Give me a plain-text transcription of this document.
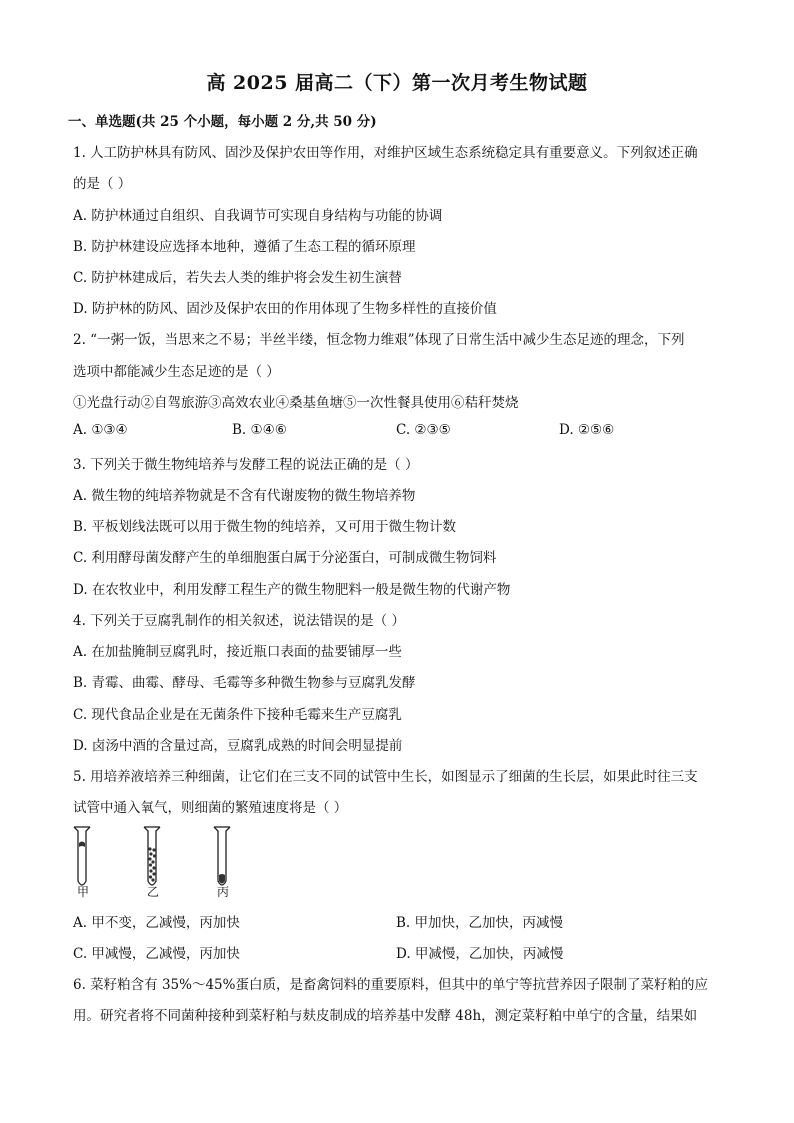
高 2025 届高二（下）第一次月考生物试题
一、单选题(共 25 个小题，每小题 2 分,共 50 分)
1. 人工防护林具有防风、固沙及保护农田等作用，对维护区域生态系统稳定具有重要意义。下列叙述正确
的是（ ）
A. 防护林通过自组织、自我调节可实现自身结构与功能的协调
B. 防护林建设应选择本地种，遵循了生态工程的循环原理
C. 防护林建成后，若失去人类的维护将会发生初生演替
D. 防护林的防风、固沙及保护农田的作用体现了生物多样性的直接价值
2. “一粥一饭，当思来之不易；半丝半缕，恒念物力维艰”体现了日常生活中减少生态足迹的理念，下列
选项中都能减少生态足迹的是（ ）
①光盘行动②自驾旅游③高效农业④桑基鱼塘⑤一次性餐具使用⑥秸秆焚烧
A. ①③④	B. ①④⑥	C. ②③⑤	D. ②⑤⑥
3. 下列关于微生物纯培养与发酵工程的说法正确的是（ ）
A. 微生物的纯培养物就是不含有代谢废物的微生物培养物
B. 平板划线法既可以用于微生物的纯培养，又可用于微生物计数
C. 利用酵母菌发酵产生的单细胞蛋白属于分泌蛋白，可制成微生物饲料
D. 在农牧业中，利用发酵工程生产的微生物肥料一般是微生物的代谢产物
4. 下列关于豆腐乳制作的相关叙述，说法错误的是（ ）
A. 在加盐腌制豆腐乳时，接近瓶口表面的盐要铺厚一些
B. 青霉、曲霉、酵母、毛霉等多种微生物参与豆腐乳发酵
C. 现代食品企业是在无菌条件下接种毛霉来生产豆腐乳
D. 卤汤中酒的含量过高，豆腐乳成熟的时间会明显提前
5. 用培养液培养三种细菌，让它们在三支不同的试管中生长，如图显示了细菌的生长层，如果此时往三支
试管中通入氧气，则细菌的繁殖速度将是（ ）
甲	乙	丙
A. 甲不变，乙减慢，丙加快	B. 甲加快，乙加快，丙减慢
C. 甲减慢，乙减慢，丙加快	D. 甲减慢，乙加快，丙减慢
6. 菜籽粕含有 35%～45%蛋白质，是畜禽饲料的重要原料，但其中的单宁等抗营养因子限制了菜籽粕的应
用。研究者将不同菌种接种到菜籽粕与麸皮制成的培养基中发酵 48h，测定菜籽粕中单宁的含量，结果如
